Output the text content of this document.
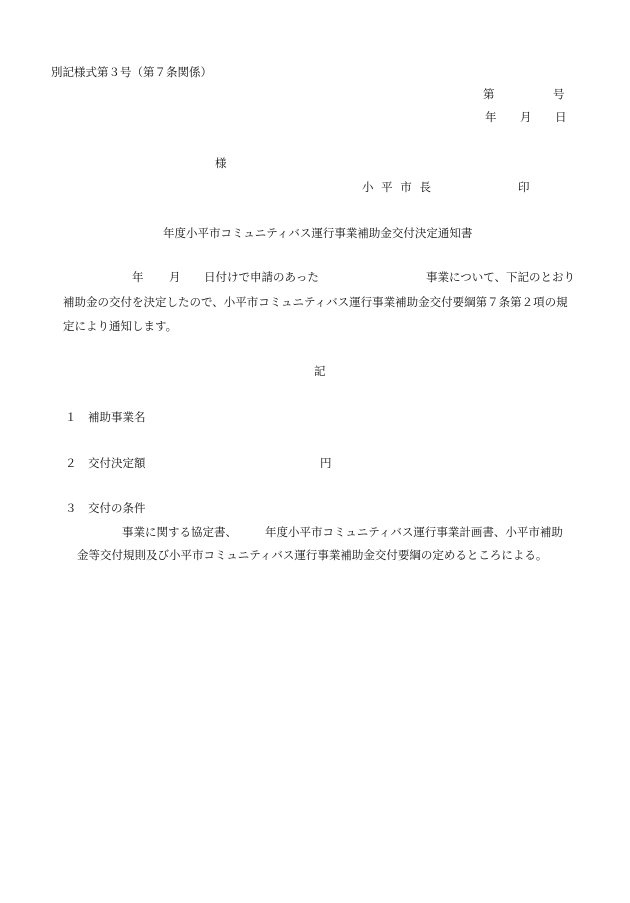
別記様式第３号（第７条関係）
第	号
年 月 日
様
小 平 市 長	印
年度小平市コミュニティバス運行事業補助金交付決定通知書
年 月 日付けで申請のあった	事業について、下記のとおり
補助金の交付を決定したので、小平市コミュニティバス運行事業補助金交付要綱第７条第２項の規
定により通知します。
記
１ 補助事業名
２ 交付決定額	円
３ 交付の条件
事業に関する協定書、 年度小平市コミュニティバス運行事業計画書、小平市補助
金等交付規則及び小平市コミュニティバス運行事業補助金交付要綱の定めるところによる。
